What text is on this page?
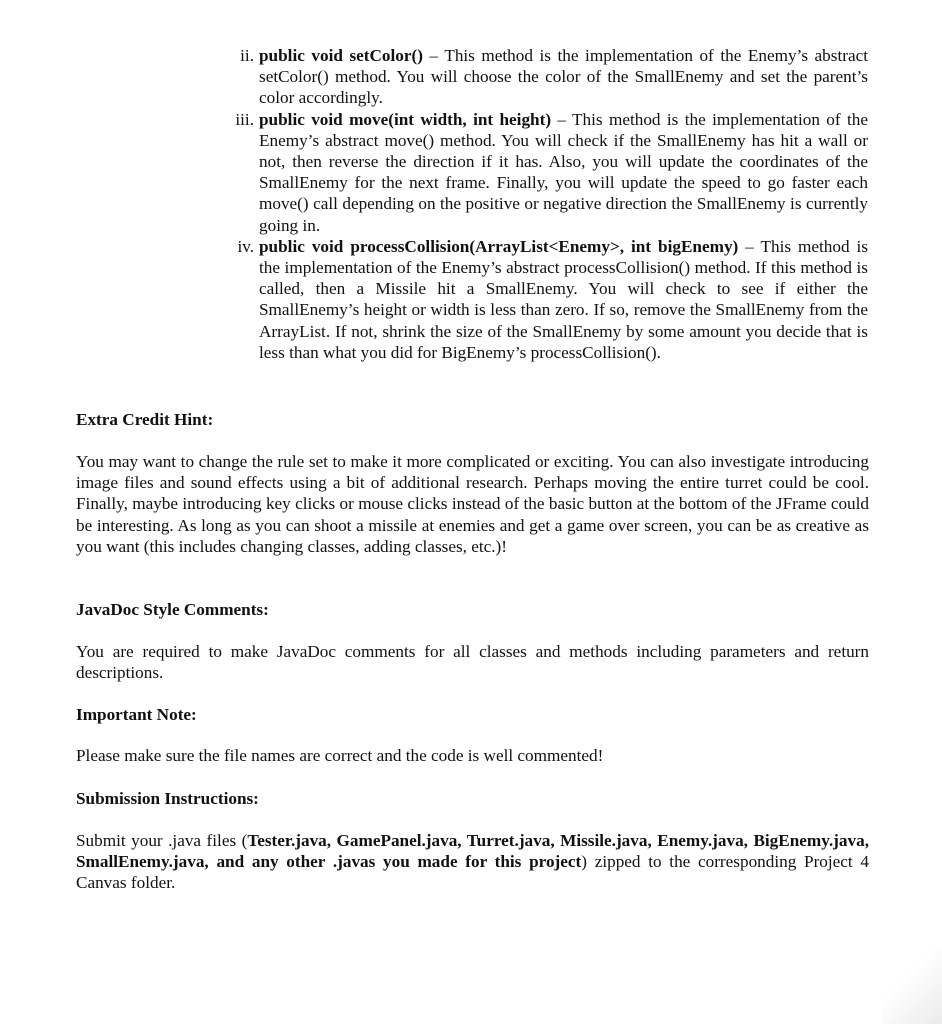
ii. public void setColor() – This method is the implementation of the Enemy’s abstract setColor() method. You will choose the color of the SmallEnemy and set the parent’s color accordingly.
iii. public void move(int width, int height) – This method is the implementation of the Enemy’s abstract move() method. You will check if the SmallEnemy has hit a wall or not, then reverse the direction if it has. Also, you will update the coordinates of the SmallEnemy for the next frame. Finally, you will update the speed to go faster each move() call depending on the positive or negative direction the SmallEnemy is currently going in.
iv. public void processCollision(ArrayList<Enemy>, int bigEnemy) – This method is the implementation of the Enemy’s abstract processCollision() method. If this method is called, then a Missile hit a SmallEnemy. You will check to see if either the SmallEnemy’s height or width is less than zero. If so, remove the SmallEnemy from the ArrayList. If not, shrink the size of the SmallEnemy by some amount you decide that is less than what you did for BigEnemy’s processCollision().
Extra Credit Hint:
You may want to change the rule set to make it more complicated or exciting. You can also investigate introducing image files and sound effects using a bit of additional research. Perhaps moving the entire turret could be cool. Finally, maybe introducing key clicks or mouse clicks instead of the basic button at the bottom of the JFrame could be interesting. As long as you can shoot a missile at enemies and get a game over screen, you can be as creative as you want (this includes changing classes, adding classes, etc.)!
JavaDoc Style Comments:
You are required to make JavaDoc comments for all classes and methods including parameters and return descriptions.
Important Note:
Please make sure the file names are correct and the code is well commented!
Submission Instructions:
Submit your .java files (Tester.java, GamePanel.java, Turret.java, Missile.java, Enemy.java, BigEnemy.java, SmallEnemy.java, and any other .javas you made for this project) zipped to the corresponding Project 4 Canvas folder.
